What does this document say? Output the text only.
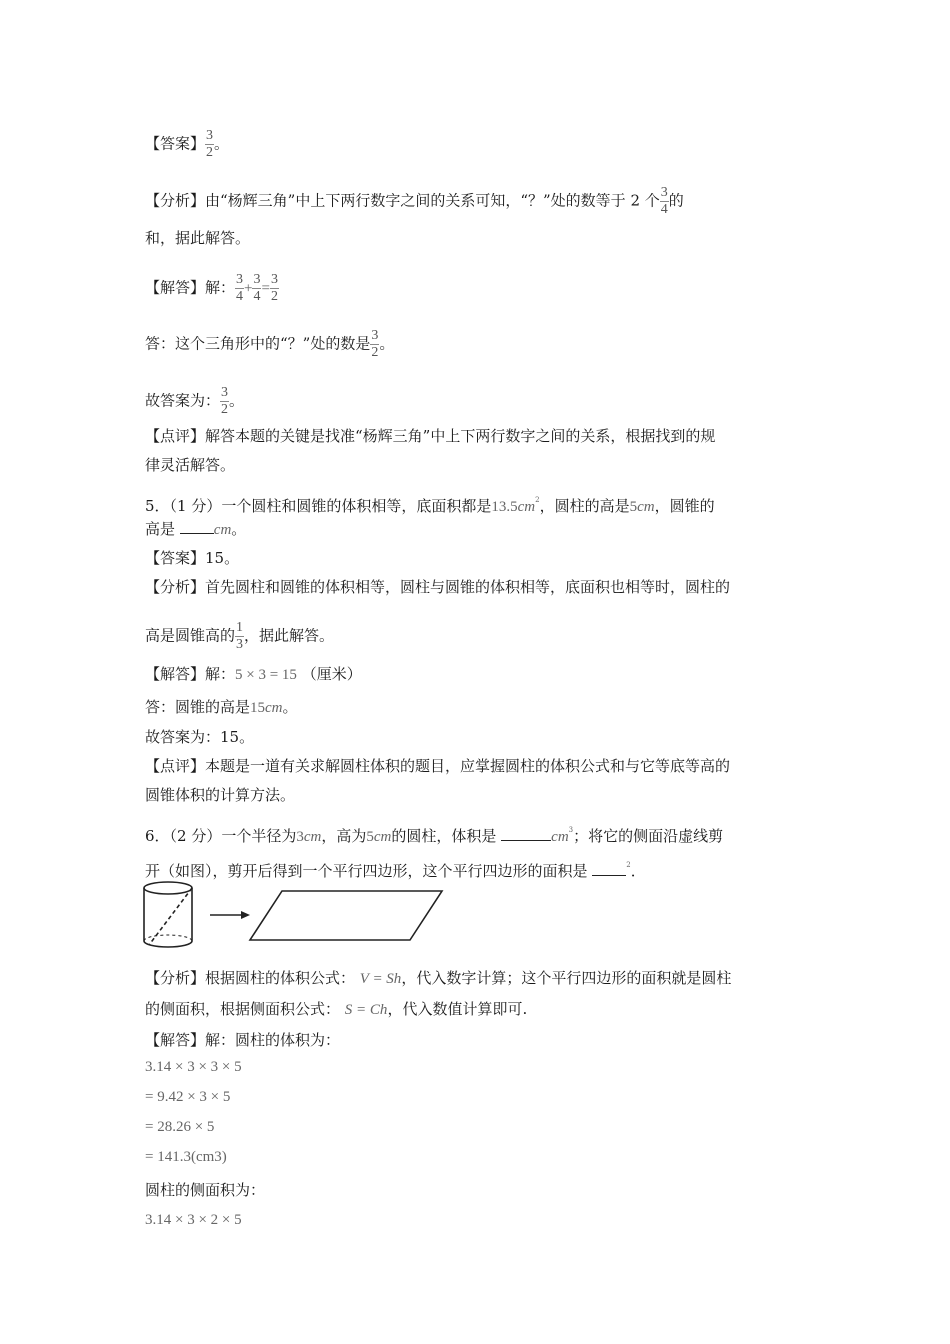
【答案】 $\frac{3}{2}$ 。
【分析】由“杨辉三角”中上下两行数字之间的关系可知，“？”处的数等于 2 个 $\frac{3}{4}$ 的
和，据此解答。
【解答】解： $\frac{3}{4} + \frac{3}{4} = \frac{3}{2}$
答：这个三角形中的“？”处的数是 $\frac{3}{2}$ 。
故答案为： $\frac{3}{2}$ 。
【点评】解答本题的关键是找准“杨辉三角”中上下两行数字之间的关系，根据找到的规
律灵活解答。
5．（1 分）一个圆柱和圆锥的体积相等，底面积都是$13.5cm^2$，圆柱的高是5cm，圆锥的
高是	cm。
【答案】15。
【分析】首先圆柱和圆锥的体积相等，圆柱与圆锥的体积相等，底面积也相等时，圆柱的
高是圆锥高的 $\frac{1}{3}$ ，据此解答。
【解答】解：5 × 3 = 15 （厘米）
答：圆锥的高是15cm。
故答案为：15。
【点评】本题是一道有关求解圆柱体积的题目，应掌握圆柱的体积公式和与它等底等高的
圆锥体积的计算方法。
6．（2 分）一个半径为3cm，高为5cm的圆柱，体积是	$cm^3$；将它的侧面沿虚线剪
开（如图），剪开后得到一个平行四边形，这个平行四边形的面积是	$^2$．
【分析】根据圆柱的体积公式： V = Sh，代入数字计算；这个平行四边形的面积就是圆柱
的侧面积，根据侧面积公式： S = Ch，代入数值计算即可.
【解答】解：圆柱的体积为：
3.14 × 3 × 3 × 5
= 9.42 × 3 × 5
= 28.26 × 5
= 141.3(cm3)
圆柱的侧面积为：
3.14 × 3 × 2 × 5
